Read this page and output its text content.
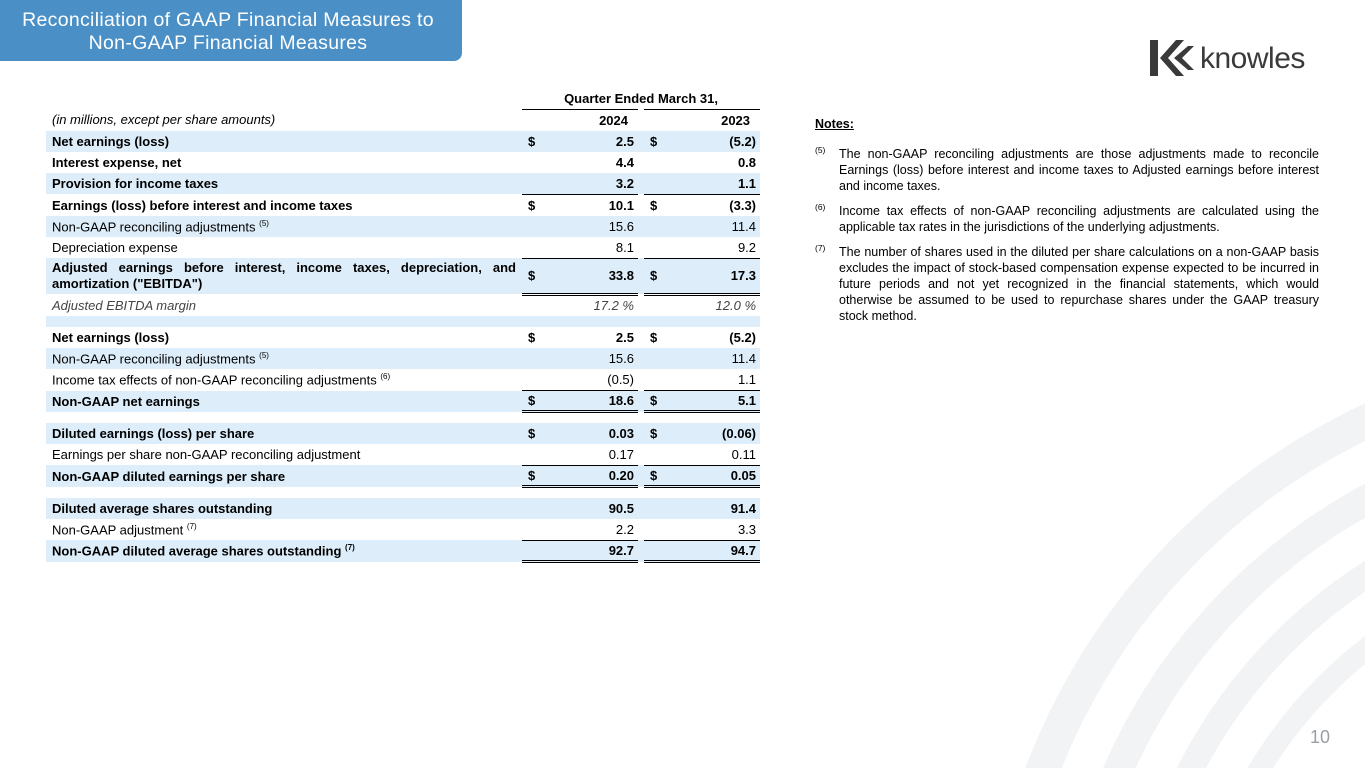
Reconciliation of GAAP Financial Measures to
Non-GAAP Financial Measures	knowles
	Quarter Ended March 31,				
(in millions, except per share amounts)	2024			2023	
Net earnings (loss)	$	2.5		$	(5.2)
Interest expense, net		4.4			0.8
Provision for income taxes		3.2			1.1
Earnings (loss) before interest and income taxes	$	10.1		$	(3.3)
Non-GAAP reconciling adjustments $^{(5)}$		15.6			11.4
Depreciation expense		8.1			9.2

Adjusted earnings before interest, income taxes, depreciation, and
amortization ("EBITDA")	$	33.8		$	17.3
Adjusted EBITDA margin		17.2 %			12.0 %

Net earnings (loss)	$	2.5		$	(5.2)
Non-GAAP reconciling adjustments $^{(5)}$		15.6			11.4
Income tax effects of non-GAAP reconciling adjustments $^{(6)}$		(0.5)			1.1
Non-GAAP net earnings	$	18.6		$	5.1

Diluted earnings (loss) per share	$	0.03		$	(0.06)
Earnings per share non-GAAP reconciling adjustment		0.17			0.11
Non-GAAP diluted earnings per share	$	0.20		$	0.05

Diluted average shares outstanding		90.5			91.4
Non-GAAP adjustment $^{(7)}$		2.2			3.3
Non-GAAP diluted average shares outstanding $^{(7)}$		92.7			94.7
Notes:
(5) The non-GAAP reconciling adjustments are those adjustments made to reconcile Earnings (loss) before interest and income taxes to Adjusted earnings before interest and income taxes.
(6) Income tax effects of non-GAAP reconciling adjustments are calculated using the applicable tax rates in the jurisdictions of the underlying adjustments.
(7) The number of shares used in the diluted per share calculations on a non-GAAP basis excludes the impact of stock-based compensation expense expected to be incurred in future periods and not yet recognized in the financial statements, which would otherwise be assumed to be used to repurchase shares under the GAAP treasury stock method.
10
